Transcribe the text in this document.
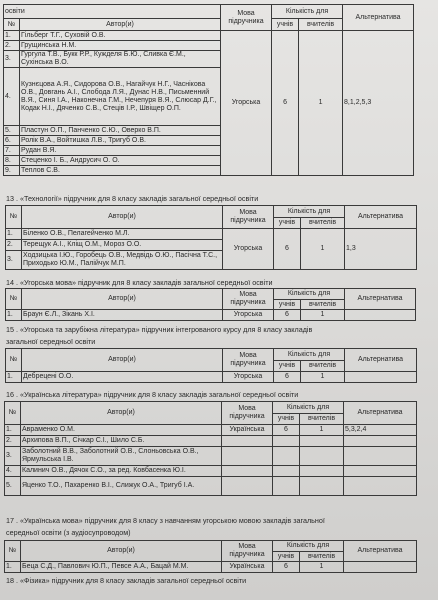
освіти		Мова підручника	Кількість для		Альтернатива
№	Автор(и)		учнів	вчителів	
1.	Гільберг Т.Г., Суховій О.В.	Угорська	6	1	8,1,2,5,3
2.	Грущинська Н.М.				
3.	Гургула Т.В., Букк Р.Р., Кужделя Б.Ю., Сливка Є.М., Сухінська В.О.				
4.	Кузнєцова А.Я., Сидорова О.В., Нагайчук Н.Г., Часнікова О.В., Довгань А.І., Слобода Л.Я., Дунас Н.В., Письменний В.Я., Синя І.А., Наконечна Г.М., Нечепуря В.Я., Слюсар Д.Г., Кодак Н.І., Дяченко С.В., Стеців І.Р., Швіщер О.П.				
5.	Пластун О.П., Панченко С.Ю., Оверко В.П.				
6.	Ролік В.А., Войтишка Л.В., Тригуб О.В.				
7.	Рудан В.Я.				
8.	Стеценко І. Б., Андрусич О. О.				
9.	Теплов С.В.				
13 . «Технології» підручник для 8 класу закладів загальної середньої освіти
№	Автор(и)	Мова підручника	Кількість для		Альтернатива
			учнів	вчителів	
1.	Біленко О.В., Пелагейченко М.Л.	Угорська	6	1	1,3
2.	Терещук А.І., Кліщ О.М., Мороз О.О.				
3.	Ходзицька І.Ю., Горобець О.В., Медвідь О.Ю., Пасічна Т.С., Приходько Ю.М., Палійчук М.П.				
14 . «Угорська мова» підручник для 8 класу закладів загальної середньої освіти
№	Автор(и)	Мова підручника	Кількість для		Альтернатива
			учнів	вчителів	
1.	Браун Є.Л., Зікань Х.І.	Угорська	6	1	
15 . «Угорська та зарубіжна література» підручник інтегрованого курсу для 8 класу закладів
загальної середньої освіти
№	Автор(и)	Мова підручника	Кількість для		Альтернатива
			учнів	вчителів	
1.	Дебрецені О.О.	Угорська	6	1	
16 . «Українська література» підручник для 8 класу закладів загальної середньої освіти
№	Автор(и)	Мова підручника	Кількість для		Альтернатива
			учнів	вчителів	
1.	Авраменко О.М.	Українська	6	1	5,3,2,4
2.	Архипова В.П., Січкар С.І., Шило С.Б.				
3.	Заболотний В.В., Заболотний О.В., Слоньовська О.В., Ярмульська І.В.				
4.	Калинич О.В., Дячок С.О., за ред. Ковбасенка Ю.І.				
5.	Яценко Т.О., Пахаренко В.І., Слижук О.А., Тригуб І.А.				
17 . «Українська мова» підручник для 8 класу з навчанням угорською мовою закладів загальної
середньої освіти (з аудіосупроводом)
№	Автор(и)	Мова підручника	Кількість для		Альтернатива
			учнів	вчителів	
1.	Беца С.Д., Павлович Ю.П., Певсе А.А., Бацай М.М.	Українська	6	1	
18 . «Фізика» підручник для 8 класу закладів загальної середньої освіти
